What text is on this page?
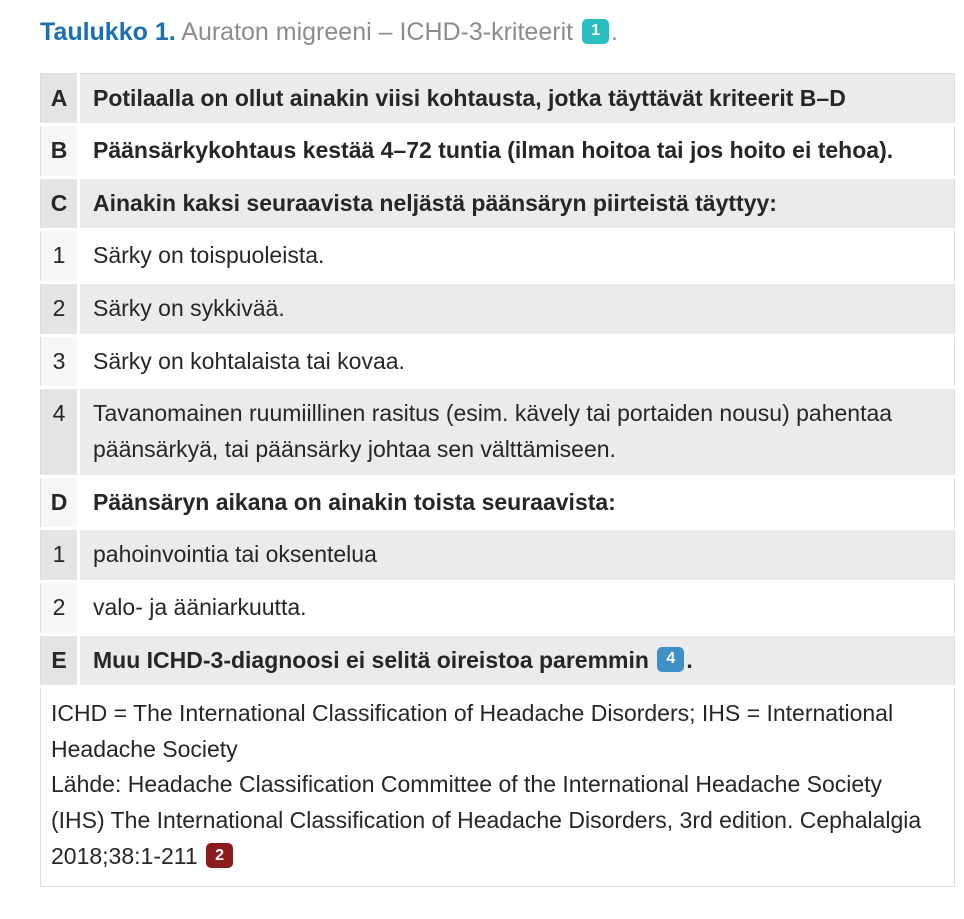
Taulukko 1. Auraton migreeni – ICHD-3-kriteerit 1 .
A	Potilaalla on ollut ainakin viisi kohtausta, jotka täyttävät kriteerit B–D
B	Päänsärkykohtaus kestää 4–72 tuntia (ilman hoitoa tai jos hoito ei tehoa).
C	Ainakin kaksi seuraavista neljästä päänsäryn piirteistä täyttyy:
1	Särky on toispuoleista.
2	Särky on sykkivää.
3	Särky on kohtalaista tai kovaa.
4	Tavanomainen ruumiillinen rasitus (esim. kävely tai portaiden nousu) pahentaa päänsärkyä, tai päänsärky johtaa sen välttämiseen.
D	Päänsäryn aikana on ainakin toista seuraavista:
1	pahoinvointia tai oksentelua
2	valo- ja ääniarkuutta.
E	Muu ICHD-3-diagnoosi ei selitä oireistoa paremmin 4 .

ICHD = The International Classification of Headache Disorders; IHS = International Headache Society

Lähde: Headache Classification Committee of the International Headache Society (IHS) The International Classification of Headache Disorders, 3rd edition. Cephalalgia 2018;38:1-211 2	
